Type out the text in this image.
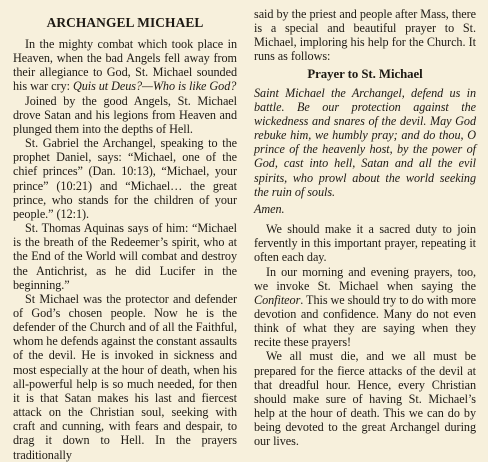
ARCHANGEL MICHAEL

In the mighty combat which took place in Heaven, when the bad Angels fell away from their allegiance to God, St. Michael sounded his war cry: Quis ut Deus?—Who is like God?

Joined by the good Angels, St. Michael drove Satan and his legions from Heaven and plunged them into the depths of Hell.

St. Gabriel the Archangel, speaking to the prophet Daniel, says: “Michael, one of the chief princes” (Dan. 10:13), “Michael, your prince” (10:21) and “Michael… the great prince, who stands for the children of your people.” (12:1).

St. Thomas Aquinas says of him: “Michael is the breath of the Redeemer’s spirit, who at the End of the World will combat and destroy the Antichrist, as he did Lucifer in the beginning.”

St Michael was the protector and defender of God’s chosen people. Now he is the defender of the Church and of all the Faithful, whom he defends against the constant assaults of the devil. He is invoked in sickness and most especially at the hour of death, when his all-powerful help is so much needed, for then it is that Satan makes his last and fiercest attack on the Christian soul, seeking with craft and cunning, with fears and despair, to drag it down to Hell. In the prayers traditionally

said by the priest and people after Mass, there is a special and beautiful prayer to St. Michael, imploring his help for the Church. It runs as follows:

Prayer to St. Michael

Saint Michael the Archangel, defend us in battle. Be our protection against the wickedness and snares of the devil. May God rebuke him, we humbly pray; and do thou, O prince of the heavenly host, by the power of God, cast into hell, Satan and all the evil spirits, who prowl about the world seeking the ruin of souls.

Amen.

We should make it a sacred duty to join fervently in this important prayer, repeating it often each day.

In our morning and evening prayers, too, we invoke St. Michael when saying the Confiteor. This we should try to do with more devotion and confidence. Many do not even think of what they are saying when they recite these prayers!

We all must die, and we all must be prepared for the fierce attacks of the devil at that dreadful hour. Hence, every Christian should make sure of having St. Michael’s help at the hour of death. This we can do by being devoted to the great Archangel during our lives.
